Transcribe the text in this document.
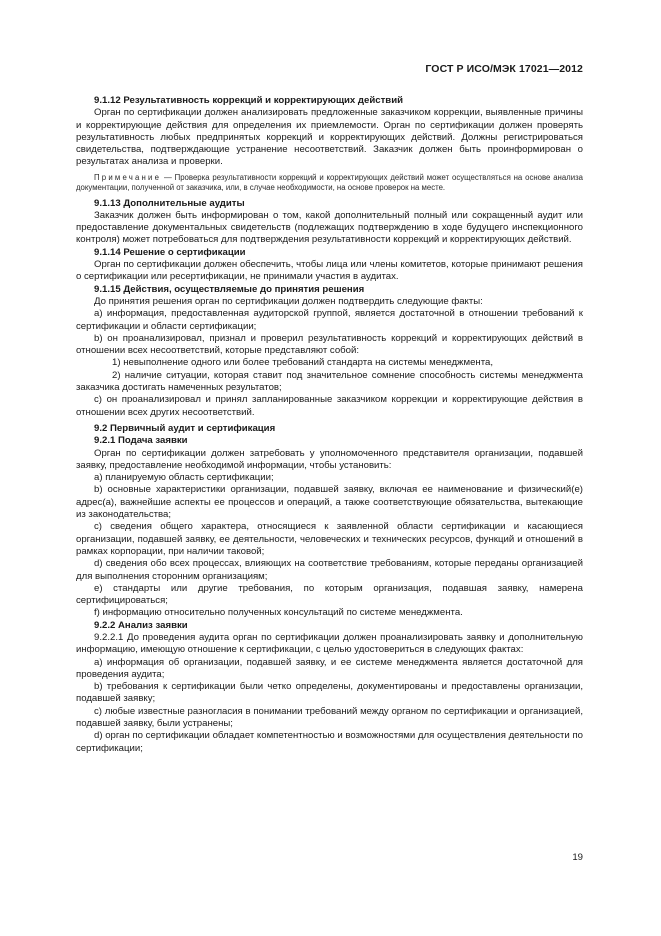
ГОСТ Р ИСО/МЭК 17021—2012

9.1.12 Результативность коррекций и корректирующих действий

Орган по сертификации должен анализировать предложенные заказчиком коррекции, выявленные причины и корректирующие действия для определения их приемлемости. Орган по сертификации должен проверять результативность любых предпринятых коррекций и корректирующих действий. Должны регистрироваться свидетельства, подтверждающие устранение несоответствий. Заказчик должен быть проинформирован о результатах анализа и проверки.

Примечание — Проверка результативности коррекций и корректирующих действий может осуществляться на основе анализа документации, полученной от заказчика, или, в случае необходимости, на основе проверок на месте.

9.1.13 Дополнительные аудиты

Заказчик должен быть информирован о том, какой дополнительный полный или сокращенный аудит или предоставление документальных свидетельств (подлежащих подтверждению в ходе будущего инспекционного контроля) может потребоваться для подтверждения результативности коррекций и корректирующих действий.

9.1.14 Решение о сертификации

Орган по сертификации должен обеспечить, чтобы лица или члены комитетов, которые принимают решения о сертификации или ресертификации, не принимали участия в аудитах.

9.1.15 Действия, осуществляемые до принятия решения

До принятия решения орган по сертификации должен подтвердить следующие факты:

а) информация, предоставленная аудиторской группой, является достаточной в отношении требований к сертификации и области сертификации;

b) он проанализировал, признал и проверил результативность коррекций и корректирующих действий в отношении всех несоответствий, которые представляют собой:

1) невыполнение одного или более требований стандарта на системы менеджмента,

2) наличие ситуации, которая ставит под значительное сомнение способность системы менеджмента заказчика достигать намеченных результатов;

с) он проанализировал и принял запланированные заказчиком коррекции и корректирующие действия в отношении всех других несоответствий.

9.2 Первичный аудит и сертификация

9.2.1 Подача заявки

Орган по сертификации должен затребовать у уполномоченного представителя организации, подавшей заявку, предоставление необходимой информации, чтобы установить:

а) планируемую область сертификации;

b) основные характеристики организации, подавшей заявку, включая ее наименование и физический(е) адрес(а), важнейшие аспекты ее процессов и операций, а также соответствующие обязательства, вытекающие из законодательства;

с) сведения общего характера, относящиеся к заявленной области сертификации и касающиеся организации, подавшей заявку, ее деятельности, человеческих и технических ресурсов, функций и отношений в рамках корпорации, при наличии таковой;

d) сведения обо всех процессах, влияющих на соответствие требованиям, которые переданы организацией для выполнения сторонним организациям;

е) стандарты или другие требования, по которым организация, подавшая заявку, намерена сертифицироваться;

f) информацию относительно полученных консультаций по системе менеджмента.

9.2.2 Анализ заявки

9.2.2.1 До проведения аудита орган по сертификации должен проанализировать заявку и дополнительную информацию, имеющую отношение к сертификации, с целью удостовериться в следующих фактах:

а) информация об организации, подавшей заявку, и ее системе менеджмента является достаточной для проведения аудита;

b) требования к сертификации были четко определены, документированы и предоставлены организации, подавшей заявку;

с) любые известные разногласия в понимании требований между органом по сертификации и организацией, подавшей заявку, были устранены;

d) орган по сертификации обладает компетентностью и возможностями для осуществления деятельности по сертификации;

19
